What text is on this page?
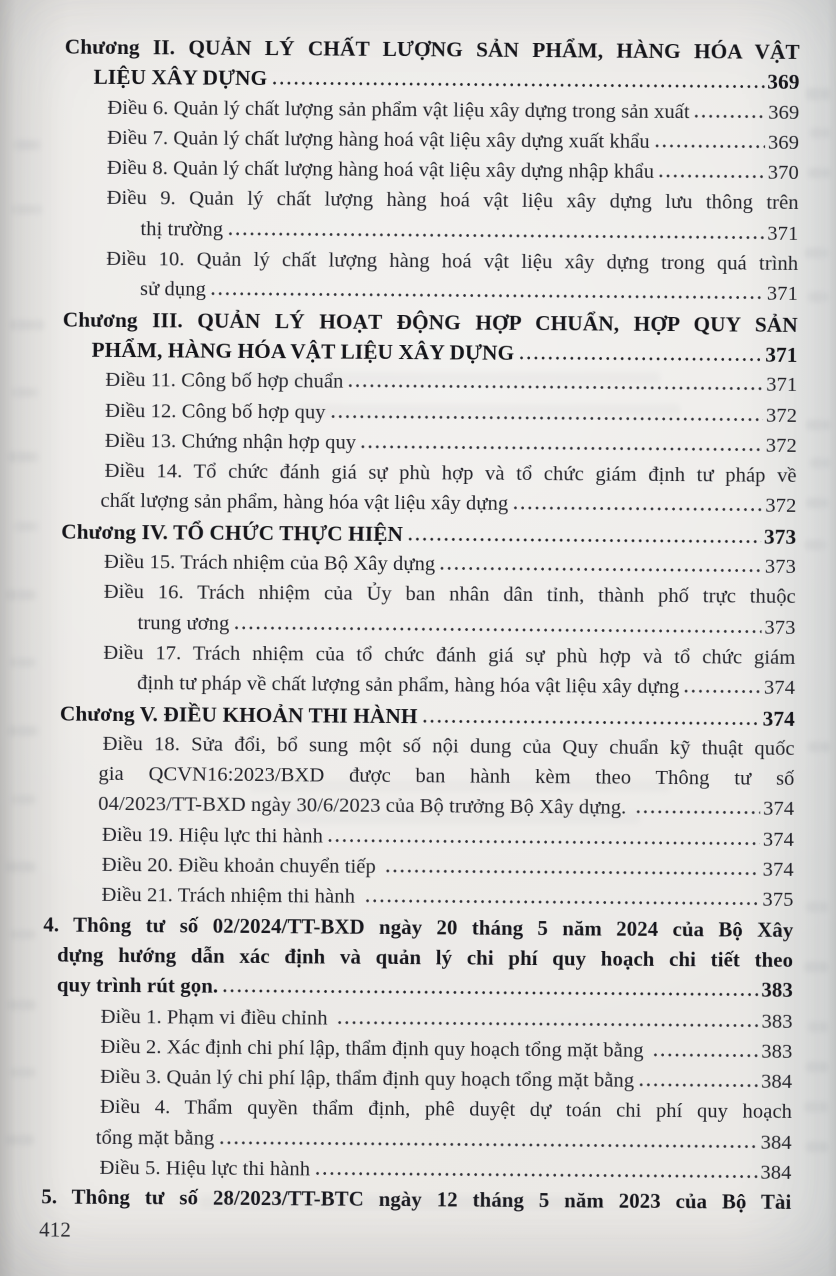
Chương II. QUẢN LÝ CHẤT LƯỢNG SẢN PHẨM, HÀNG HÓA VẬT
LIỆU XÂY DỰNG	369
Điều 6. Quản lý chất lượng sản phẩm vật liệu xây dựng trong sản xuất	369
Điều 7. Quản lý chất lượng hàng hoá vật liệu xây dựng xuất khẩu	369
Điều 8. Quản lý chất lượng hàng hoá vật liệu xây dựng nhập khẩu	370
Điều 9. Quản lý chất lượng hàng hoá vật liệu xây dựng lưu thông trên
thị trường	371
Điều 10. Quản lý chất lượng hàng hoá vật liệu xây dựng trong quá trình
sử dụng	371
Chương III. QUẢN LÝ HOẠT ĐỘNG HỢP CHUẨN, HỢP QUY SẢN
PHẨM, HÀNG HÓA VẬT LIỆU XÂY DỰNG	371
Điều 11. Công bố hợp chuẩn	371
Điều 12. Công bố hợp quy	372
Điều 13. Chứng nhận hợp quy	372
Điều 14. Tổ chức đánh giá sự phù hợp và tổ chức giám định tư pháp về
chất lượng sản phẩm, hàng hóa vật liệu xây dựng	372
Chương IV. TỔ CHỨC THỰC HIỆN	373
Điều 15. Trách nhiệm của Bộ Xây dựng	373
Điều 16. Trách nhiệm của Ủy ban nhân dân tỉnh, thành phố trực thuộc
trung ương	373
Điều 17. Trách nhiệm của tổ chức đánh giá sự phù hợp và tổ chức giám
định tư pháp về chất lượng sản phẩm, hàng hóa vật liệu xây dựng	374
Chương V. ĐIỀU KHOẢN THI HÀNH	374
Điều 18. Sửa đổi, bổ sung một số nội dung của Quy chuẩn kỹ thuật quốc
gia QCVN16:2023/BXD được ban hành kèm theo Thông tư số
04/2023/TT-BXD ngày 30/6/2023 của Bộ trưởng Bộ Xây dựng.	374
Điều 19. Hiệu lực thi hành	374
Điều 20. Điều khoản chuyển tiếp	374
Điều 21. Trách nhiệm thi hành	375
4. Thông tư số 02/2024/TT-BXD ngày 20 tháng 5 năm 2024 của Bộ Xây
dựng hướng dẫn xác định và quản lý chi phí quy hoạch chi tiết theo
quy trình rút gọn.	383
Điều 1. Phạm vi điều chỉnh	383
Điều 2. Xác định chi phí lập, thẩm định quy hoạch tổng mặt bằng	383
Điều 3. Quản lý chi phí lập, thẩm định quy hoạch tổng mặt bằng	384
Điều 4. Thẩm quyền thẩm định, phê duyệt dự toán chi phí quy hoạch
tổng mặt bằng	384
Điều 5. Hiệu lực thi hành	384
5. Thông tư số 28/2023/TT-BTC ngày 12 tháng 5 năm 2023 của Bộ Tài
412
